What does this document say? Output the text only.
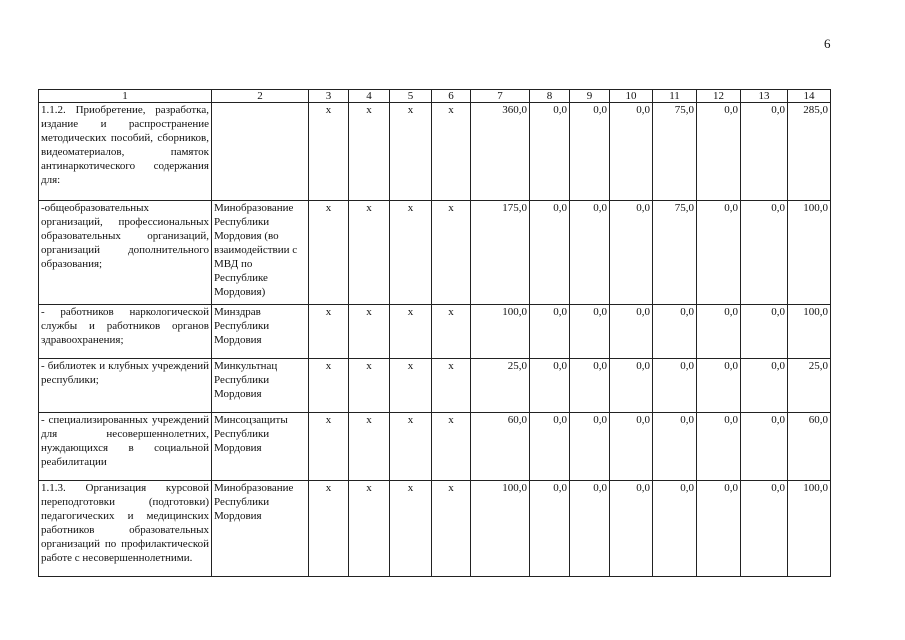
6
1	2	3	4	5	6	7	8	9	10	11	12	13	14
1.1.2. Приобретение, разработка, издание и распространение методических пособий, сборников, видеоматериалов, памяток антинаркотического содержания для:		х	х	х	х	360,0	0,0	0,0	0,0	75,0	0,0	0,0	285,0
-общеобразовательных организаций, профессиональных образовательных организаций, организаций дополнительного образования;	Минобразование Республики Мордовия (во взаимодействии с МВД по Республике Мордовия)	х	х	х	х	175,0	0,0	0,0	0,0	75,0	0,0	0,0	100,0
- работников наркологической службы и работников органов здравоохранения;	Минздрав Республики Мордовия	х	х	х	х	100,0	0,0	0,0	0,0	0,0	0,0	0,0	100,0
- библиотек и клубных учреждений республики;	Минкультнац Республики Мордовия	х	х	х	х	25,0	0,0	0,0	0,0	0,0	0,0	0,0	25,0
- специализированных учреждений для несовершеннолетних, нуждающихся в социальной реабилитации	Минсоцзащиты Республики Мордовия	х	х	х	х	60,0	0,0	0,0	0,0	0,0	0,0	0,0	60,0
1.1.3. Организация курсовой переподготовки (подготовки) педагогических и медицинских работников образовательных организаций по профилактической работе с несовершеннолетними.	Минобразование Республики Мордовия	х	х	х	х	100,0	0,0	0,0	0,0	0,0	0,0	0,0	100,0
